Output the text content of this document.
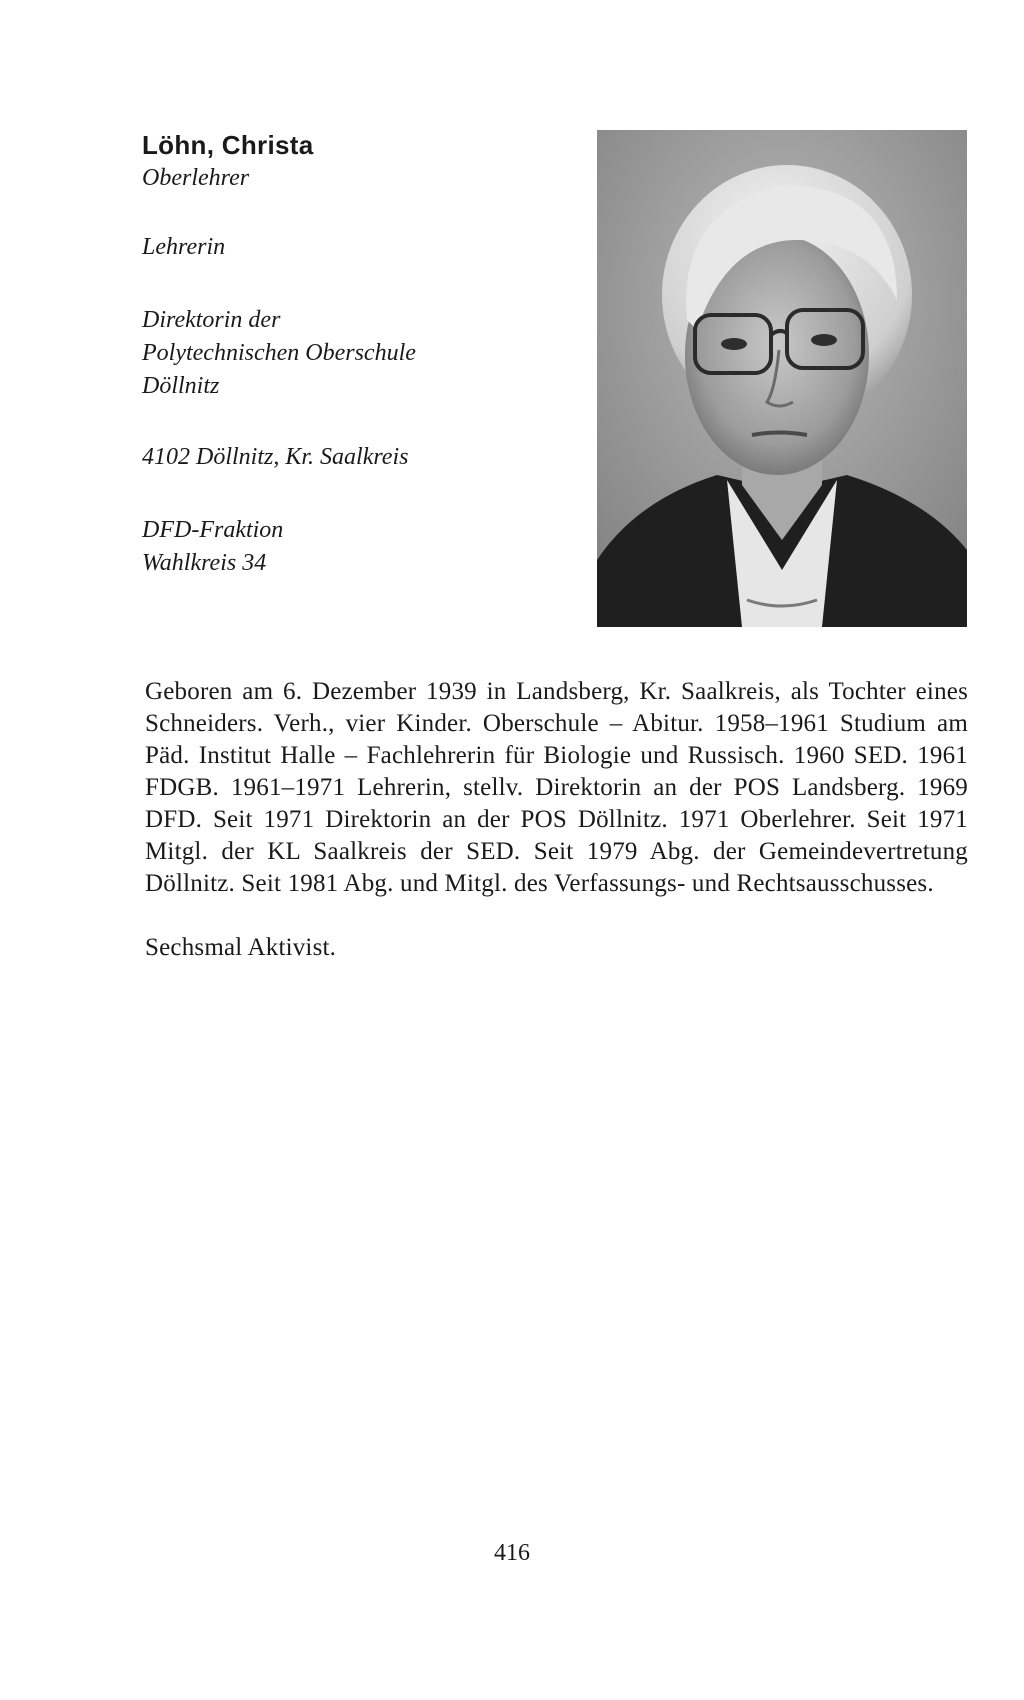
Löhn, Christa

Oberlehrer

Lehrerin

Direktorin der

Polytechnischen Oberschule

Döllnitz

4102 Döllnitz, Kr. Saalkreis

DFD-Fraktion

Wahlkreis 34

Geboren am 6. Dezember 1939 in Landsberg, Kr. Saalkreis, als Tochter eines Schneiders. Verh., vier Kinder. Oberschule – Abitur. 1958–1961 Studium am Päd. Institut Halle – Fachlehrerin für Biologie und Russisch. 1960 SED. 1961 FDGB. 1961–1971 Lehrerin, stellv. Direktorin an der POS Landsberg. 1969 DFD. Seit 1971 Direktorin an der POS Döllnitz. 1971 Oberlehrer. Seit 1971 Mitgl. der KL Saalkreis der SED. Seit 1979 Abg. der Gemeindevertretung Döllnitz. Seit 1981 Abg. und Mitgl. des Verfassungs- und Rechtsausschusses.

Sechsmal Aktivist.

416
